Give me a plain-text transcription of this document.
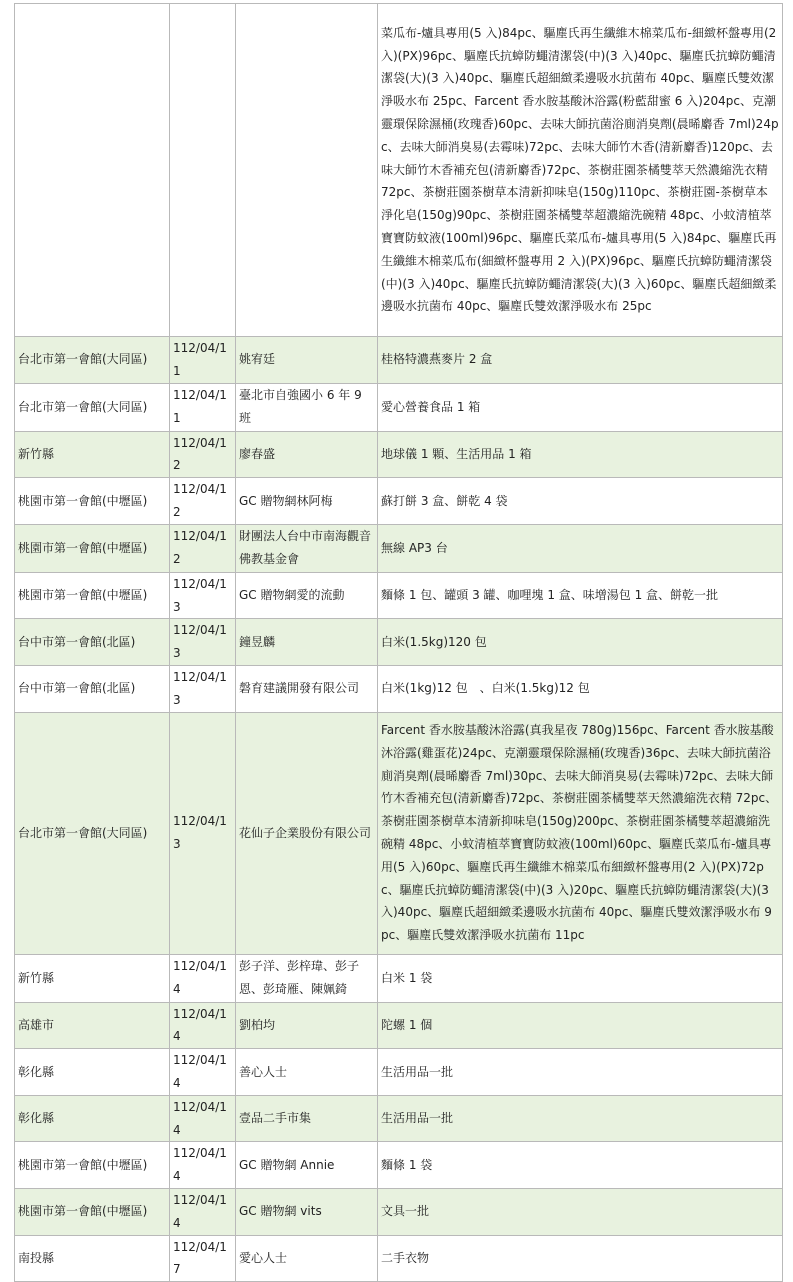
			菜瓜布-爐具專用(5 入)84pc、驅塵氏再生纖維木棉菜瓜布-細緻杯盤專用(2 入)(PX)96pc、驅塵氏抗蟑防蠅清潔袋(中)(3 入)40pc、驅塵氏抗蟑防蠅清潔袋(大)(3 入)40pc、驅塵氏超細緻柔邊吸水抗菌布 40pc、驅塵氏雙效潔淨吸水布 25pc、Farcent 香水胺基酸沐浴露(粉藍甜蜜 6 入)204pc、克潮靈環保除濕桶(玫瑰香)60pc、去味大師抗菌浴廁消臭劑(晨晞麝香 7ml)24pc、去味大師消臭易(去霉味)72pc、去味大師竹木香(清新麝香)120pc、去味大師竹木香補充包(清新麝香)72pc、茶樹莊園茶橘雙萃天然濃縮洗衣精 72pc、茶樹莊園茶樹草本清新抑味皂(150g)110pc、茶樹莊園-茶樹草本淨化皂(150g)90pc、茶樹莊園茶橘雙萃超濃縮洗碗精 48pc、小蚊清植萃寶寶防蚊液(100ml)96pc、驅塵氏菜瓜布-爐具專用(5 入)84pc、驅塵氏再生纖維木棉菜瓜布(細緻杯盤專用 2 入)(PX)96pc、驅塵氏抗蟑防蠅清潔袋(中)(3 入)40pc、驅塵氏抗蟑防蠅清潔袋(大)(3 入)60pc、驅塵氏超細緻柔邊吸水抗菌布 40pc、驅塵氏雙效潔淨吸水布 25pc
台北市第一會館(大同區)	112/04/11	姚宥廷	桂格特濃燕麥片 2 盒
台北市第一會館(大同區)	112/04/11	臺北市自強國小 6 年 9 班	愛心營養食品 1 箱
新竹縣	112/04/12	廖春盛	地球儀 1 顆、生活用品 1 箱
桃園市第一會館(中壢區)	112/04/12	GC 贈物網林阿梅	蘇打餅 3 盒、餅乾 4 袋
桃園市第一會館(中壢區)	112/04/12	財團法人台中市南海觀音佛教基金會	無線 AP3 台
桃園市第一會館(中壢區)	112/04/13	GC 贈物網愛的流動	麵條 1 包、罐頭 3 罐、咖哩塊 1 盒、味增湯包 1 盒、餅乾一批
台中市第一會館(北區)	112/04/13	鐘昱麟	白米(1.5kg)120 包
台中市第一會館(北區)	112/04/13	磐育建議開發有限公司	白米(1kg)12 包　、白米(1.5kg)12 包
台北市第一會館(大同區)	112/04/13	花仙子企業股份有限公司	Farcent 香水胺基酸沐浴露(真我星夜 780g)156pc、Farcent 香水胺基酸沐浴露(雞蛋花)24pc、克潮靈環保除濕桶(玫瑰香)36pc、去味大師抗菌浴廁消臭劑(晨晞麝香 7ml)30pc、去味大師消臭易(去霉味)72pc、去味大師竹木香補充包(清新麝香)72pc、茶樹莊園茶橘雙萃天然濃縮洗衣精 72pc、茶樹莊園茶樹草本清新抑味皂(150g)200pc、茶樹莊園茶橘雙萃超濃縮洗碗精 48pc、小蚊清植萃寶寶防蚊液(100ml)60pc、驅塵氏菜瓜布-爐具專用(5 入)60pc、驅塵氏再生纖維木棉菜瓜布細緻杯盤專用(2 入)(PX)72pc、驅塵氏抗蟑防蠅清潔袋(中)(3 入)20pc、驅塵氏抗蟑防蠅清潔袋(大)(3 入)40pc、驅塵氏超細緻柔邊吸水抗菌布 40pc、驅塵氏雙效潔淨吸水布 9pc、驅塵氏雙效潔淨吸水抗菌布 11pc
新竹縣	112/04/14	彭子洋、彭梓瑋、彭子恩、彭琦雁、陳姵錡	白米 1 袋
高雄市	112/04/14	劉柏均	陀螺 1 個
彰化縣	112/04/14	善心人士	生活用品一批
彰化縣	112/04/14	壹品二手市集	生活用品一批
桃園市第一會館(中壢區)	112/04/14	GC 贈物網 Annie	麵條 1 袋
桃園市第一會館(中壢區)	112/04/14	GC 贈物網 vits	文具一批
南投縣	112/04/17	愛心人士	二手衣物
